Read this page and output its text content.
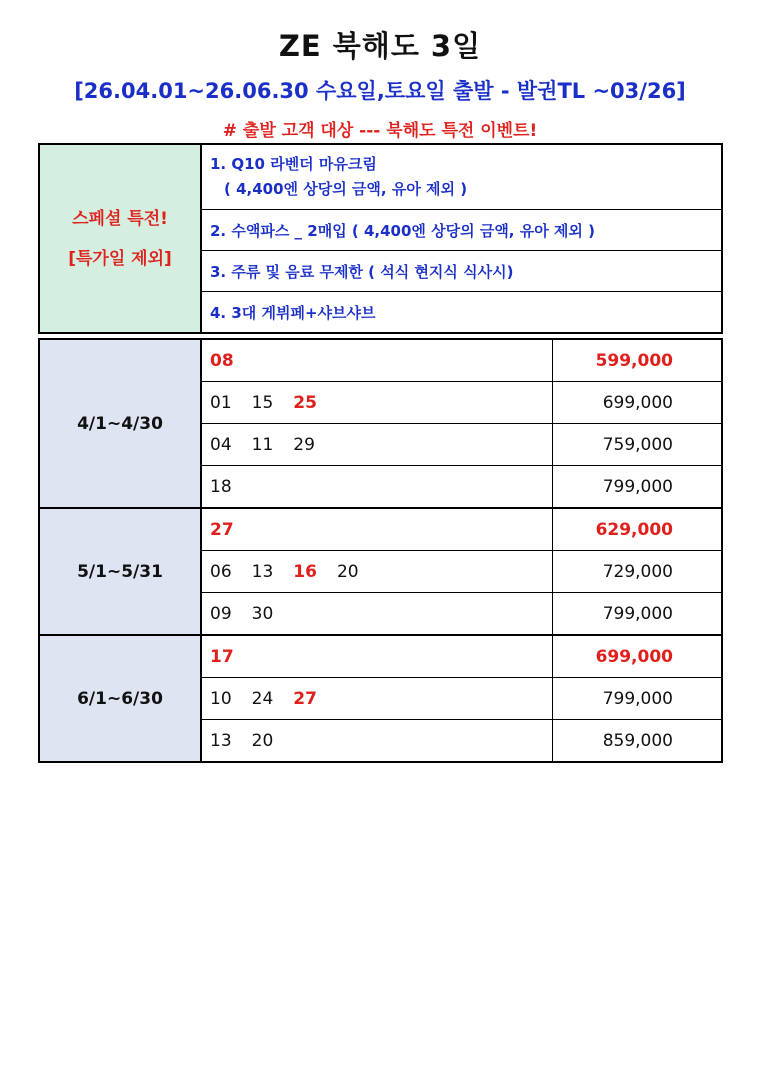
ZE 북해도 3일
[26.04.01~26.06.30 수요일,토요일 출발 - 발권TL ~03/26]
# 출발 고객 대상 --- 북해도 특전 이벤트!
스페셜 특전!
[특가일 제외]

1. Q10 라벤더 마유크림
( 4,400엔 상당의 금액, 유아 제외 )

2. 수액파스 _ 2매입 ( 4,400엔 상당의 금액, 유아 제외 )
3. 주류 및 음료 무제한 ( 석식 현지식 식사시)
4. 3대 게뷔페+샤브샤브
4/1~4/30	08	599,000
	01 15 25	699,000
	04 11 29	759,000
	18	799,000
5/1~5/31	27	629,000
	06 13 16 20	729,000
	09 30	799,000
6/1~6/30	17	699,000
	10 24 27	799,000
	13 20	859,000
